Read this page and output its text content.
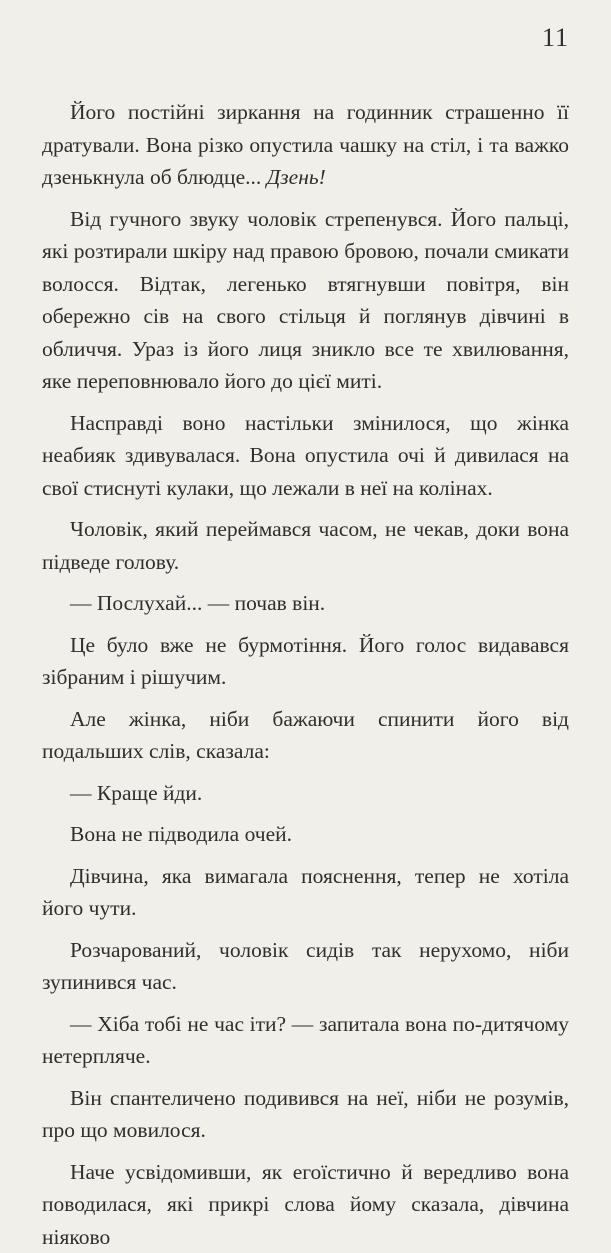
11

Його постійні зиркання на годинник страшенно її дратували. Вона різко опустила чашку на стіл, і та важко дзенькнула об блюдце... Дзень!

Від гучного звуку чоловік стрепенувся. Його пальці, які розтирали шкіру над правою бровою, почали смикати волосся. Відтак, легенько втягнувши повітря, він обережно сів на свого стільця й поглянув дівчині в обличчя. Ураз із його лиця зникло все те хвилювання, яке переповнювало його до цієї миті.

Насправді воно настільки змінилося, що жінка неабияк здивувалася. Вона опустила очі й дивилася на свої стиснуті кулаки, що лежали в неї на колінах.

Чоловік, який переймався часом, не чекав, доки вона підведе голову.

— Послухай... — почав він.

Це було вже не бурмотіння. Його голос видавався зібраним і рішучим.

Але жінка, ніби бажаючи спинити його від подальших слів, сказала:

— Краще йди.

Вона не підводила очей.

Дівчина, яка вимагала пояснення, тепер не хотіла його чути.

Розчарований, чоловік сидів так нерухомо, ніби зупинився час.

— Хіба тобі не час іти? — запитала вона по-дитячому нетерпляче.

Він спантеличено подивився на неї, ніби не розумів, про що мовилося.

Наче усвідомивши, як егоїстично й вередливо вона поводилася, які прикрі слова йому сказала, дівчина ніяково
